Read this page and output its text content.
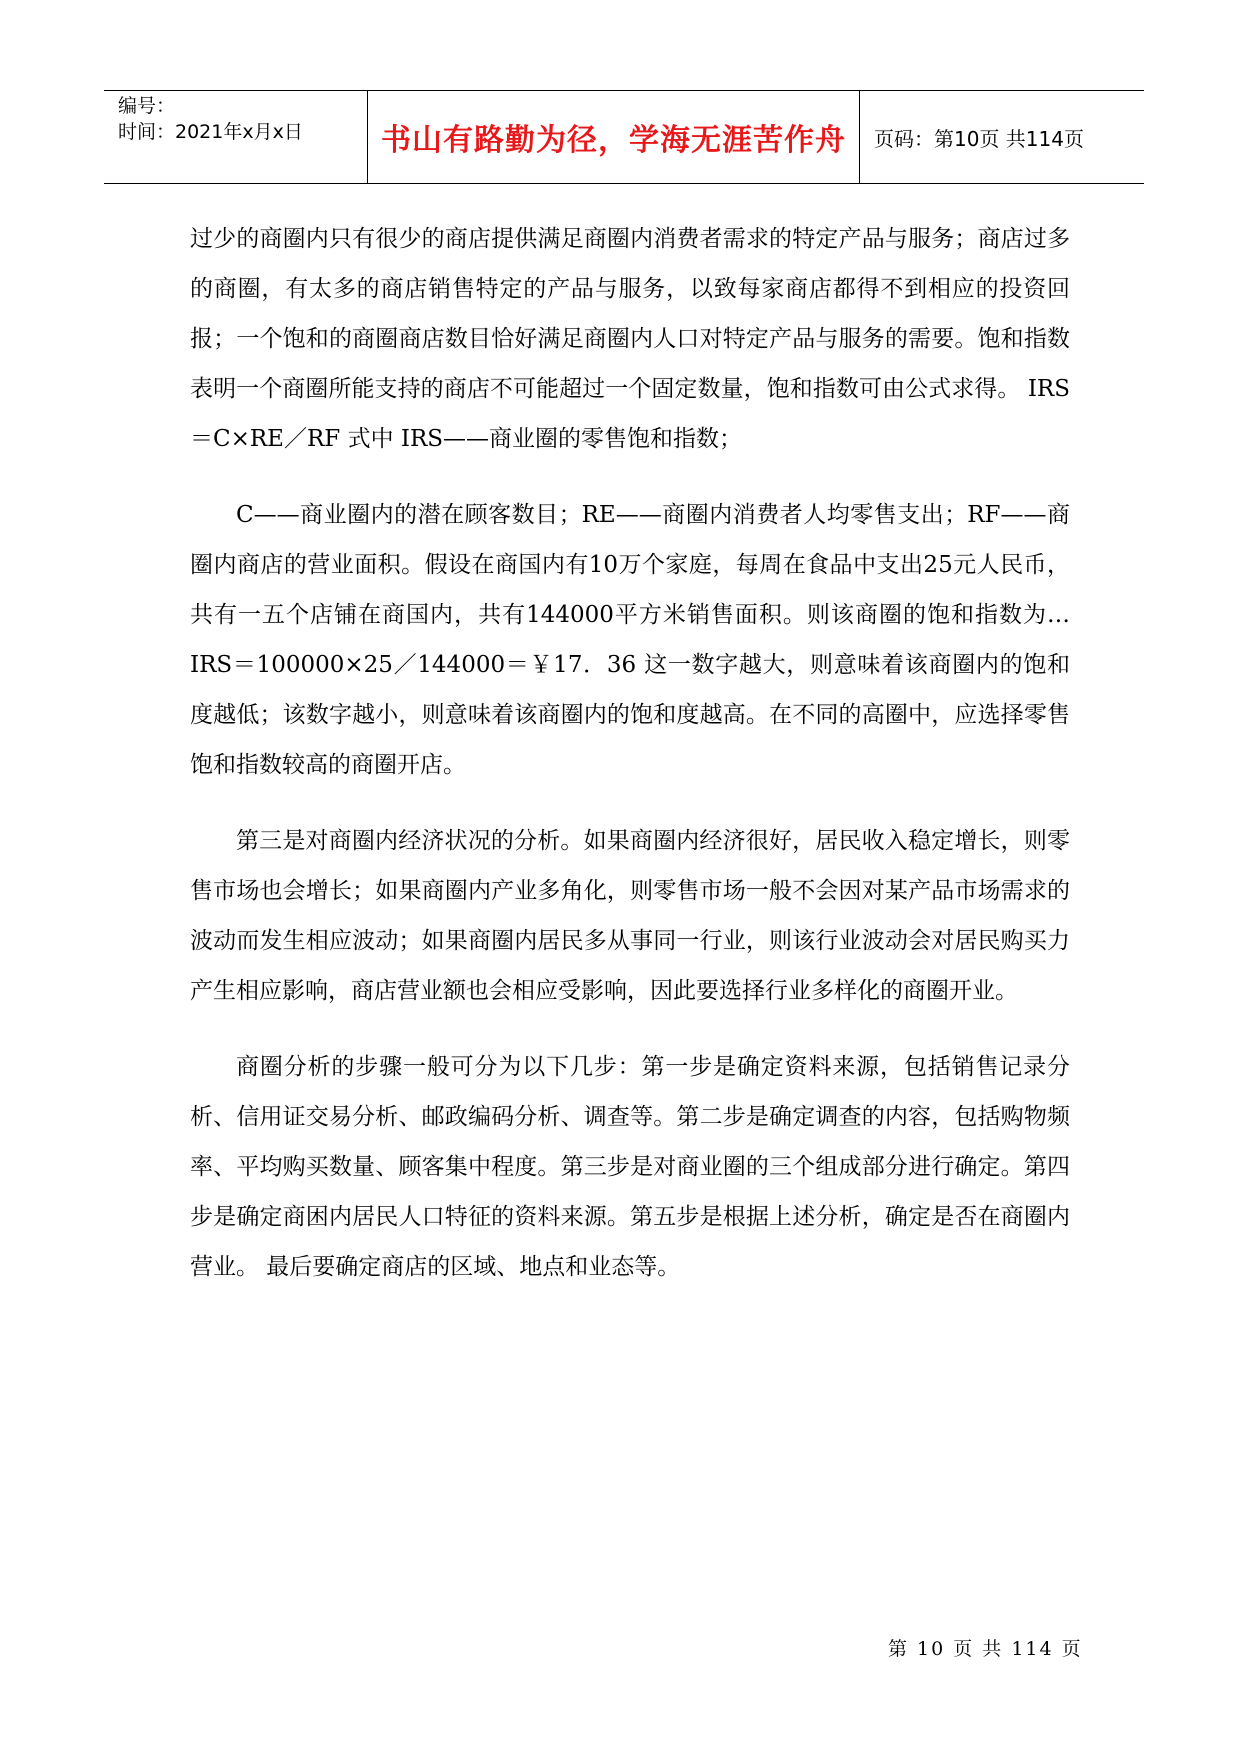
编号：
时间：2021年x月x日	书山有路勤为径，学海无涯苦作舟	页码：第10页 共114页

过少的商圈内只有很少的商店提供满足商圈内消费者需求的特定产品与服务；商店过多的商圈，有太多的商店销售特定的产品与服务，以致每家商店都得不到相应的投资回报；一个饱和的商圈商店数目恰好满足商圈内人口对特定产品与服务的需要。饱和指数表明一个商圈所能支持的商店不可能超过一个固定数量，饱和指数可由公式求得。 IRS＝C×RE／RF 式中 IRS——商业圈的零售饱和指数；

C——商业圈内的潜在顾客数目；RE——商圈内消费者人均零售支出；RF——商圈内商店的营业面积。假设在商国内有10万个家庭，每周在食品中支出25元人民币，共有一五个店铺在商国内，共有144000平方米销售面积。则该商圈的饱和指数为… IRS＝100000×25／144000＝￥17．36 这一数字越大，则意味着该商圈内的饱和度越低；该数字越小，则意味着该商圈内的饱和度越高。在不同的高圈中，应选择零售饱和指数较高的商圈开店。

第三是对商圈内经济状况的分析。如果商圈内经济很好，居民收入稳定增长，则零售市场也会增长；如果商圈内产业多角化，则零售市场一般不会因对某产品市场需求的波动而发生相应波动；如果商圈内居民多从事同一行业，则该行业波动会对居民购买力产生相应影响，商店营业额也会相应受影响，因此要选择行业多样化的商圈开业。

商圈分析的步骤一般可分为以下几步：第一步是确定资料来源，包括销售记录分析、信用证交易分析、邮政编码分析、调查等。第二步是确定调查的内容，包括购物频率、平均购买数量、顾客集中程度。第三步是对商业圈的三个组成部分进行确定。第四步是确定商困内居民人口特征的资料来源。第五步是根据上述分析，确定是否在商圈内营业。 最后要确定商店的区域、地点和业态等。

第 10 页 共 114 页
